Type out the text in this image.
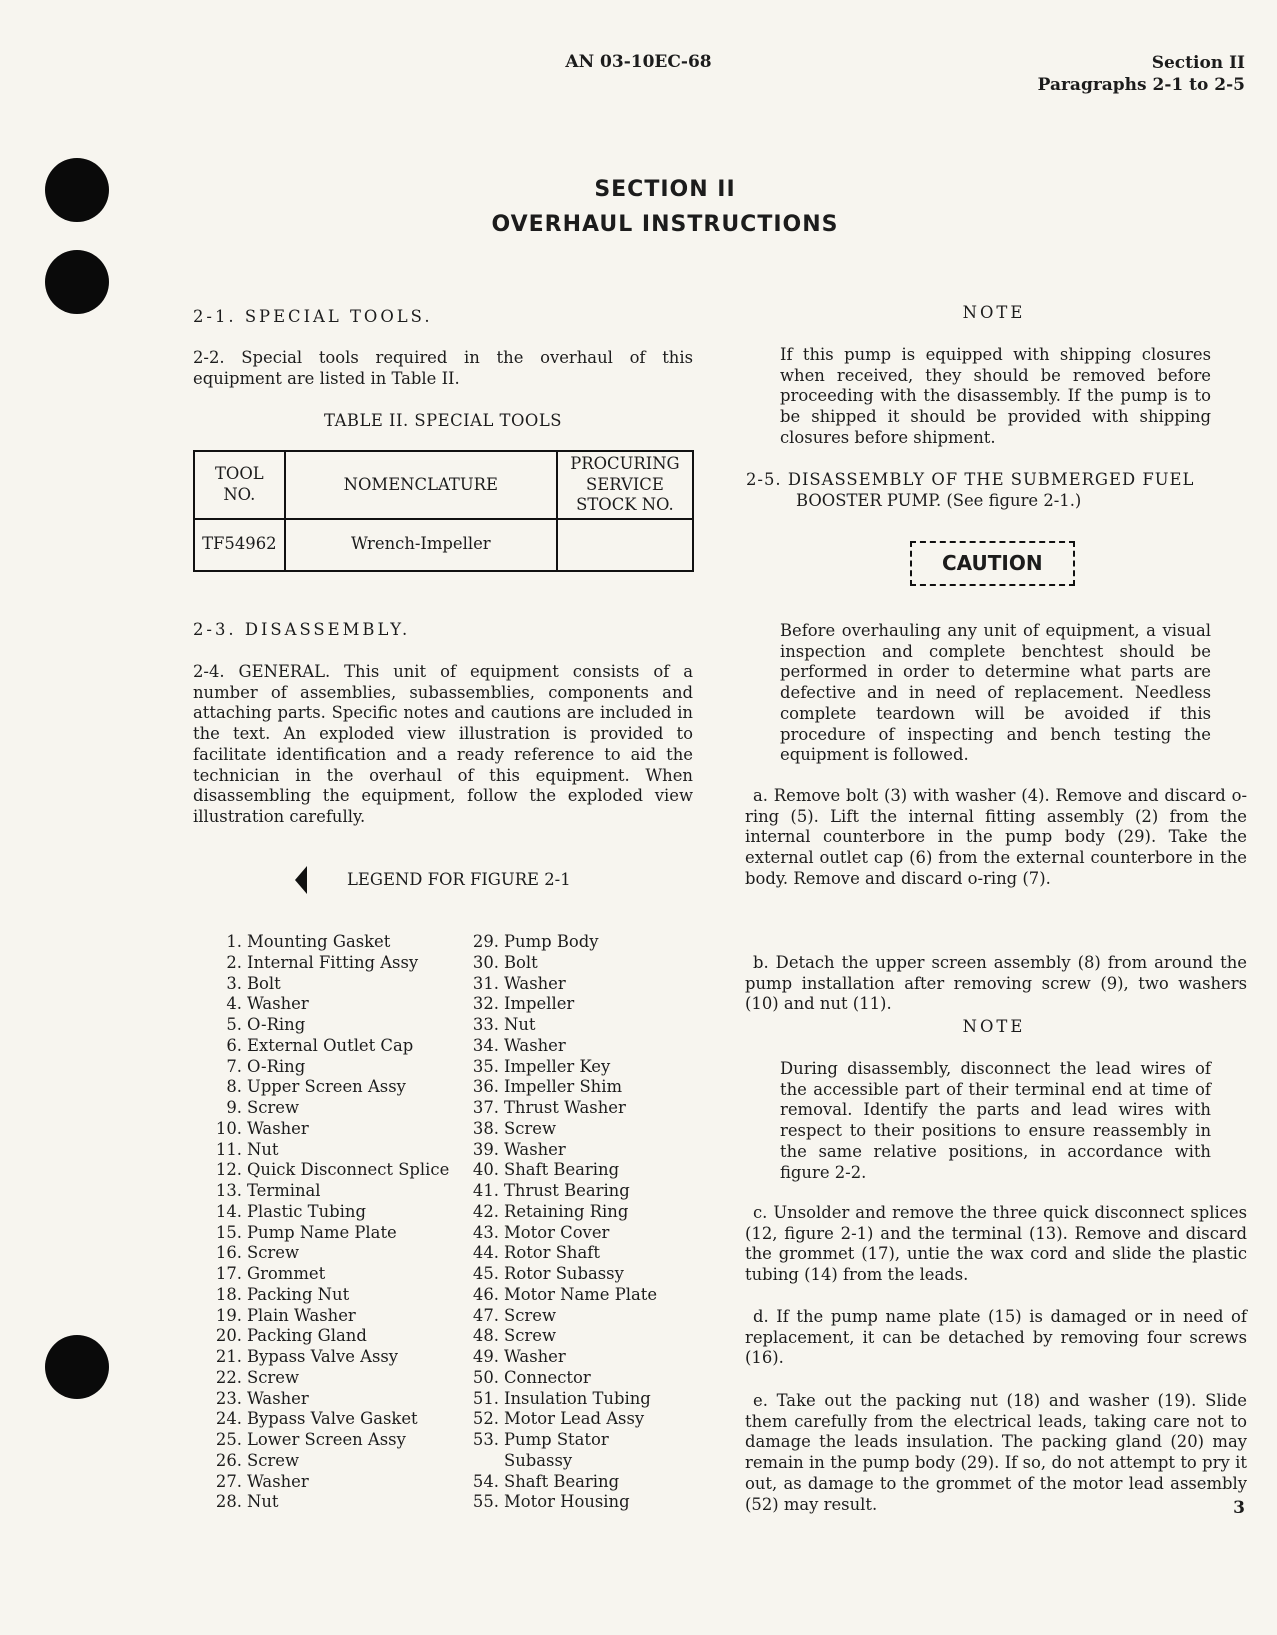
AN 03-10EC-68	Section II
Paragraphs 2-1 to 2-5
SECTION II
OVERHAUL INSTRUCTIONS
2-1. SPECIAL TOOLS.

2-2. Special tools required in the overhaul of this equipment are listed in Table II.

TABLE II. SPECIAL TOOLS
TOOL NO.	NOMENCLATURE	PROCURING SERVICE STOCK NO.
TF54962	Wrench-Impeller	
2-3. DISASSEMBLY.

2-4. GENERAL. This unit of equipment consists of a number of assemblies, subassemblies, components and attaching parts. Specific notes and cautions are included in the text. An exploded view illustration is provided to facilitate identification and a ready reference to aid the technician in the overhaul of this equipment. When disassembling the equipment, follow the exploded view illustration carefully.

LEGEND FOR FIGURE 2-1
1. Mounting Gasket
2. Internal Fitting Assy
3. Bolt
4. Washer
5. O-Ring
6. External Outlet Cap
7. O-Ring
8. Upper Screen Assy
9. Screw
10. Washer
11. Nut
12. Quick Disconnect Splice
13. Terminal
14. Plastic Tubing
15. Pump Name Plate
16. Screw
17. Grommet
18. Packing Nut
19. Plain Washer
20. Packing Gland
21. Bypass Valve Assy
22. Screw
23. Washer
24. Bypass Valve Gasket
25. Lower Screen Assy
26. Screw
27. Washer
28. Nut
29. Pump Body
30. Bolt
31. Washer
32. Impeller
33. Nut
34. Washer
35. Impeller Key
36. Impeller Shim
37. Thrust Washer
38. Screw
39. Washer
40. Shaft Bearing
41. Thrust Bearing
42. Retaining Ring
43. Motor Cover
44. Rotor Shaft
45. Rotor Subassy
46. Motor Name Plate
47. Screw
48. Screw
49. Washer
50. Connector
51. Insulation Tubing
52. Motor Lead Assy
53. Pump Stator
Subassy
54. Shaft Bearing
55. Motor Housing
NOTE

If this pump is equipped with shipping closures when received, they should be removed before proceeding with the disassembly. If the pump is to be shipped it should be provided with shipping closures before shipment.

2-5. DISASSEMBLY OF THE SUBMERGED FUEL
BOOSTER PUMP. (See figure 2-1.)
CAUTION

Before overhauling any unit of equipment, a visual inspection and complete benchtest should be performed in order to determine what parts are defective and in need of replacement. Needless complete teardown will be avoided if this procedure of inspecting and bench testing the equipment is followed.

a. Remove bolt (3) with washer (4). Remove and discard o-ring (5). Lift the internal fitting assembly (2) from the internal counterbore in the pump body (29). Take the external outlet cap (6) from the external counterbore in the body. Remove and discard o-ring (7).

b. Detach the upper screen assembly (8) from around the pump installation after removing screw (9), two washers (10) and nut (11).

NOTE

During disassembly, disconnect the lead wires of the accessible part of their terminal end at time of removal. Identify the parts and lead wires with respect to their positions to ensure reassembly in the same relative positions, in accordance with figure 2-2.

c. Unsolder and remove the three quick disconnect splices (12, figure 2-1) and the terminal (13). Remove and discard the grommet (17), untie the wax cord and slide the plastic tubing (14) from the leads.

d. If the pump name plate (15) is damaged or in need of replacement, it can be detached by removing four screws (16).

e. Take out the packing nut (18) and washer (19). Slide them carefully from the electrical leads, taking care not to damage the leads insulation. The packing gland (20) may remain in the pump body (29). If so, do not attempt to pry it out, as damage to the grommet of the motor lead assembly (52) may result.	3
